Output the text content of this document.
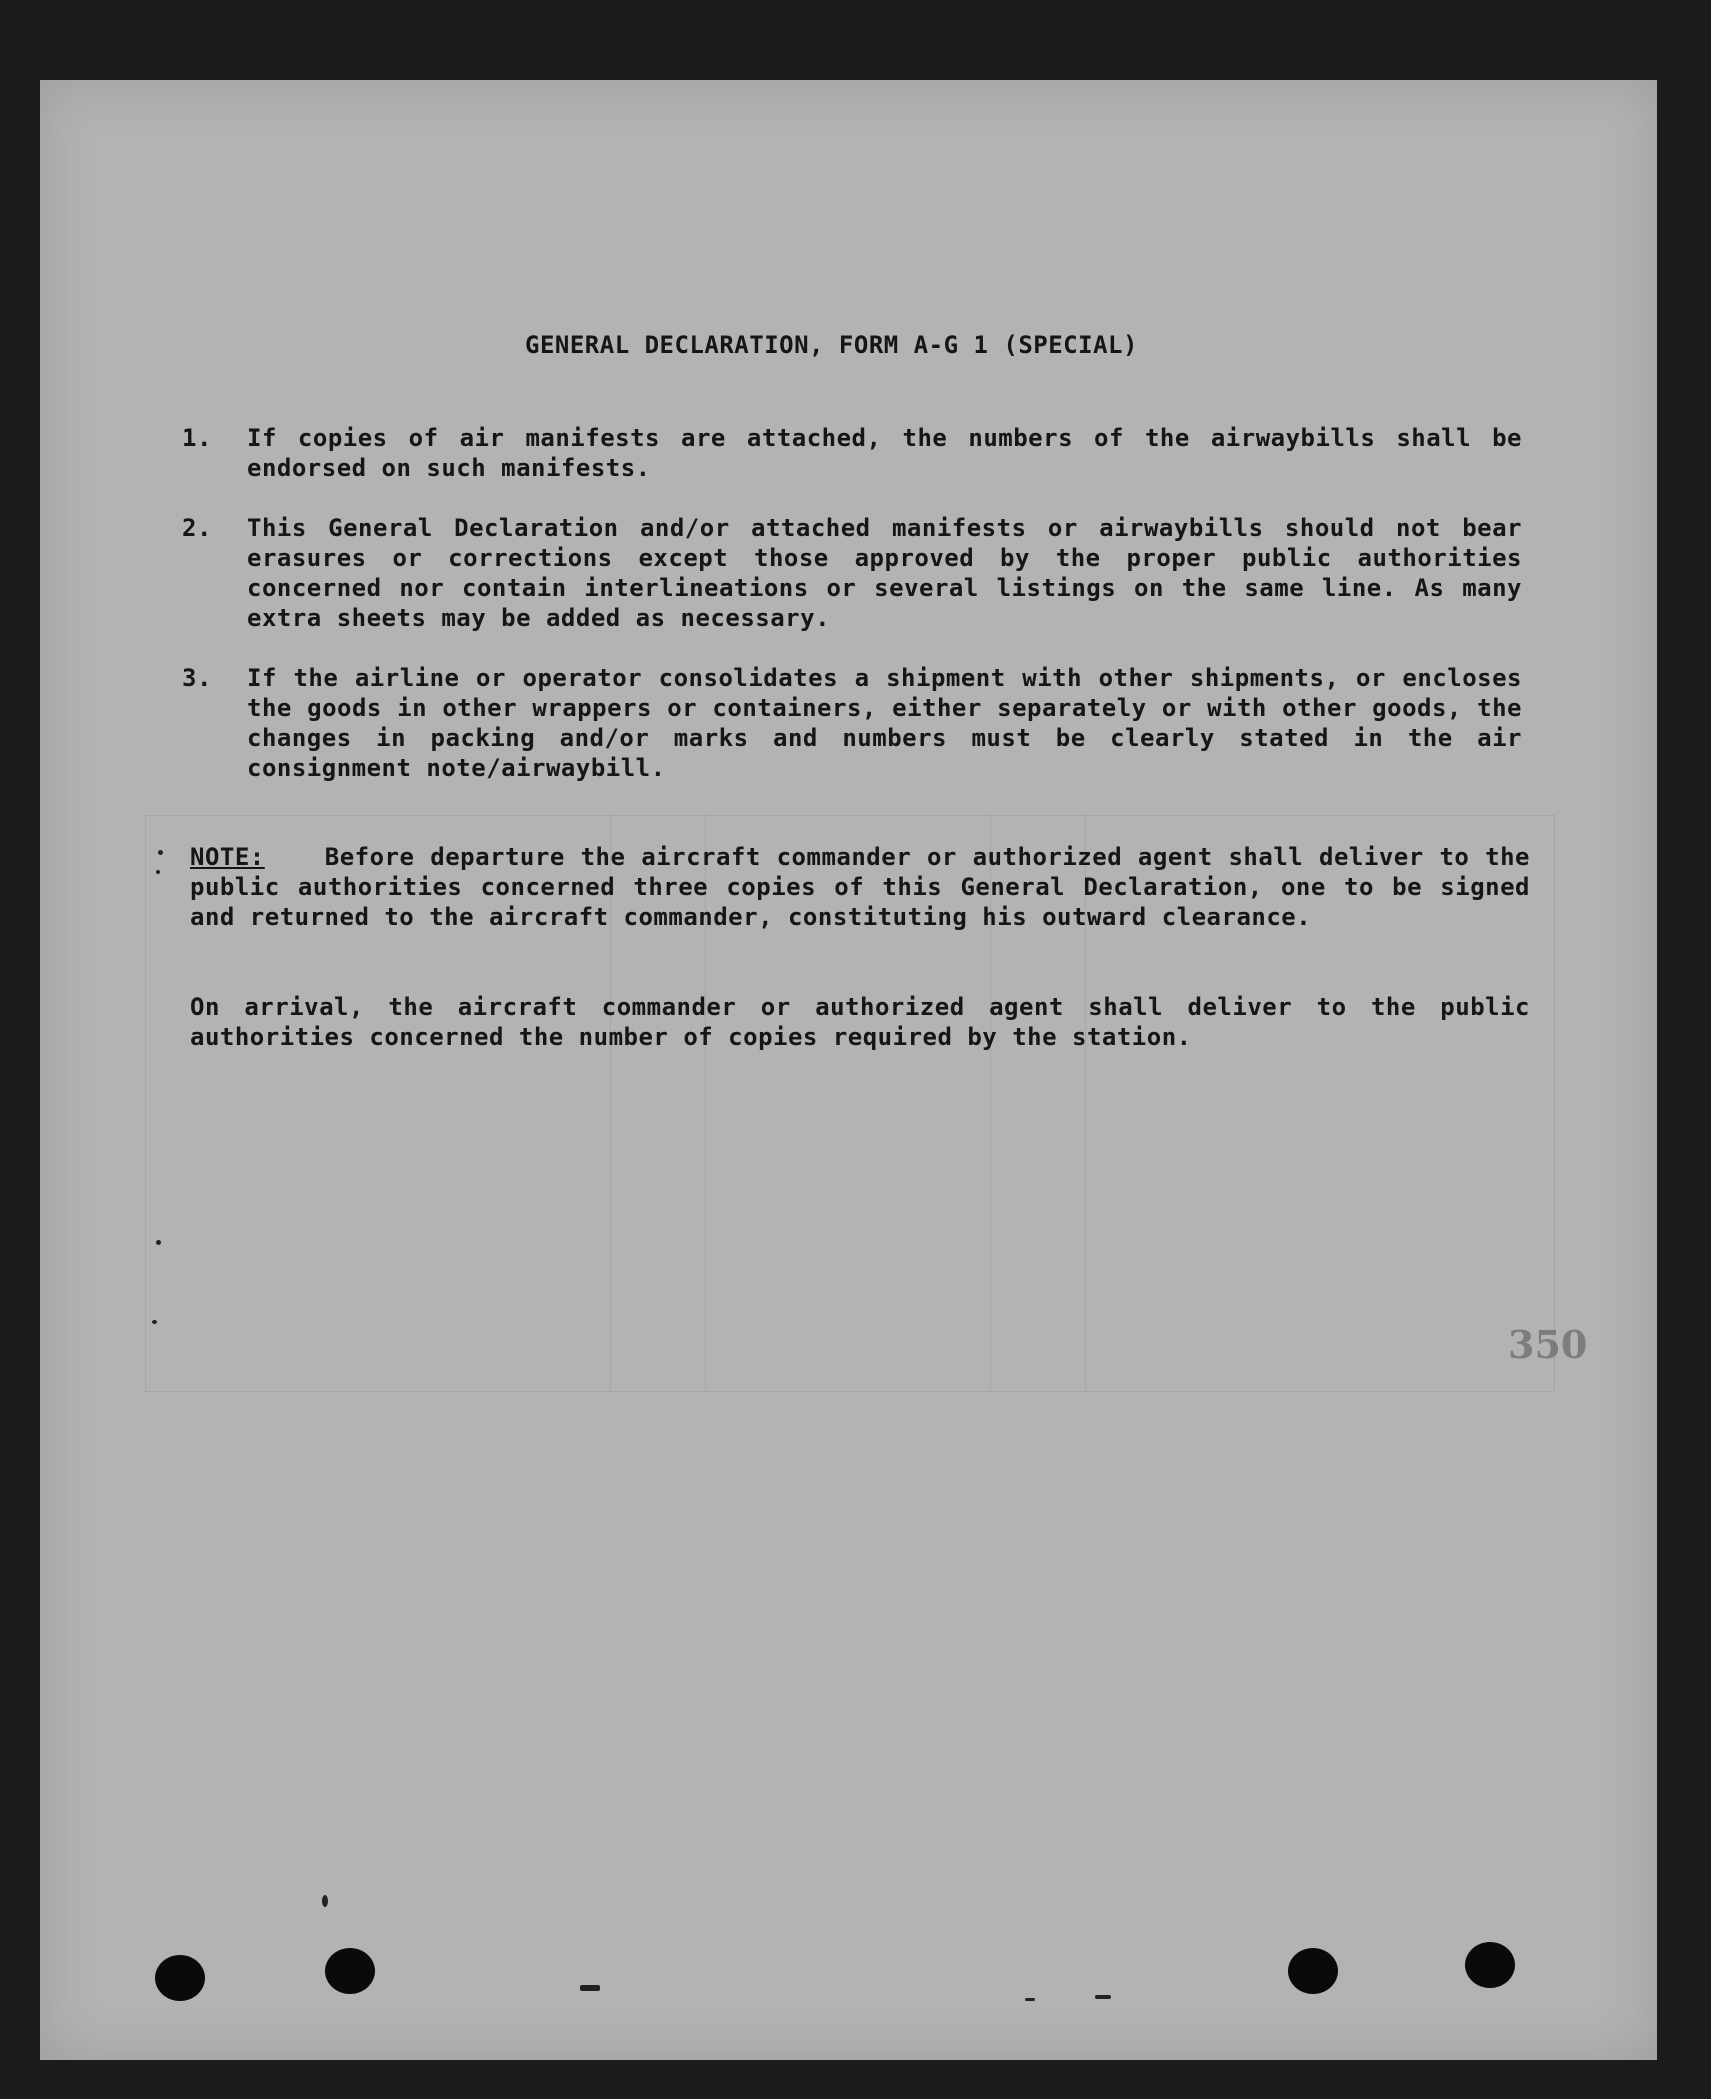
GENERAL DECLARATION, FORM A-G 1 (SPECIAL)
1.	If copies of air manifests are attached, the numbers of the airwaybills shall be endorsed on such manifests.
2.	This General Declaration and/or attached manifests or airwaybills should not bear erasures or corrections except those approved by the proper public authorities concerned nor contain interlineations or several listings on the same line. As many extra sheets may be added as necessary.
3.	If the airline or operator consolidates a shipment with other shipments, or encloses the goods in other wrappers or containers, either separately or with other goods, the changes in packing and/or marks and numbers must be clearly stated in the air consignment note/airwaybill.
NOTE:	Before departure the aircraft commander or authorized agent shall deliver to the public authorities concerned three copies of this General Declaration, one to be signed and returned to the aircraft commander, constituting his outward clearance.
On arrival, the aircraft commander or authorized agent shall deliver to the public authorities concerned the number of copies required by the station.
350
